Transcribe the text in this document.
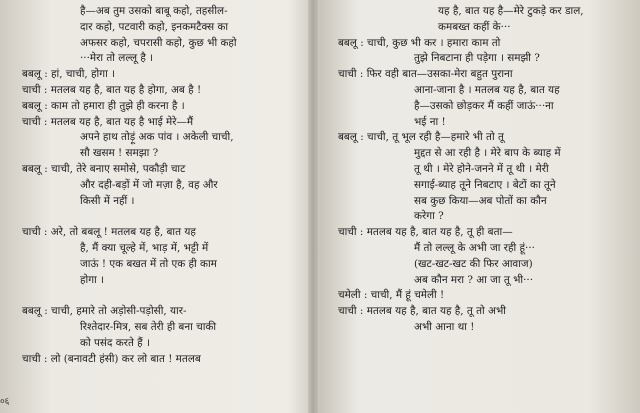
है—अब तुम उसको बाबू कहो, तहसील-
दार कहो, पटवारी कहो, इनकमटैक्स का
अफसर कहो, चपरासी कहो, कुछ भी कहो
···मेरा तो लल्लू है ।
बबलू : हां, चाची, होगा ।
चाची : मतलब यह है, बात यह है होगा, अब है !
बबलू : काम तो हमारा ही तुझे ही करना है ।
चाची : मतलब यह है, बात यह है भाई मेरे—मैं
अपने हाथ तोड़ूं अक पांव । अकेली चाची,
सौ खसम ! समझा ?
बबलू : चाची, तेरे बनाए समोसे, पकौड़ी चाट
और दही-बड़ों में जो मज़ा है, वह और
किसी में नहीं ।
चाची : अरे, तो बबलू ! मतलब यह है, बात यह
है, मैं क्या चूल्हे में, भाड़ में, भट्टी में
जाऊं ! एक बखत में तो एक ही काम
होगा ।
बबलू : चाची, हमारे तो अड़ोसी-पड़ोसी, यार-
रिश्तेदार-मित्र, सब तेरी ही बना चाकी
को पसंद करते हैं ।
चाची : लो (बनावटी हंसी) कर लो बात ! मतलब
यह है, बात यह है—मेरे टुकड़े कर डाल,
कमबख्त कहीं के···
बबलू : चाची, कुछ भी कर । हमारा काम तो
तुझे निबटाना ही पड़ेगा । समझी ?
चाची : फिर वही बात—उसका-मेरा बहुत पुराना
आना-जाना है । मतलब यह है, बात यह
है—उसको छोड़कर मैं कहीं जाऊं···ना
भई ना !
बबलू : चाची, तू भूल रही है—हमारे भी तो तू
मुद्दत से आ रही है । मेरे बाप के ब्याह में
तू थी । मेरे होने-जनने में तू थी । मेरी
सगाई-ब्याह तूने निबटाए । बेटों का तूने
सब कुछ किया—अब पोतों का कौन
करेगा ?
चाची : मतलब यह है, बात यह है, तू ही बता—
मैं तो लल्लू के अभी जा रही हूं···
(खट-खट-खट की फिर आवाज)
अब कौन मरा ? आ जा तू भी···
चमेली : चाची, मैं हूं चमेली !
चाची : मतलब यह है, बात यह है, तू तो अभी
अभी आना था !
०६
